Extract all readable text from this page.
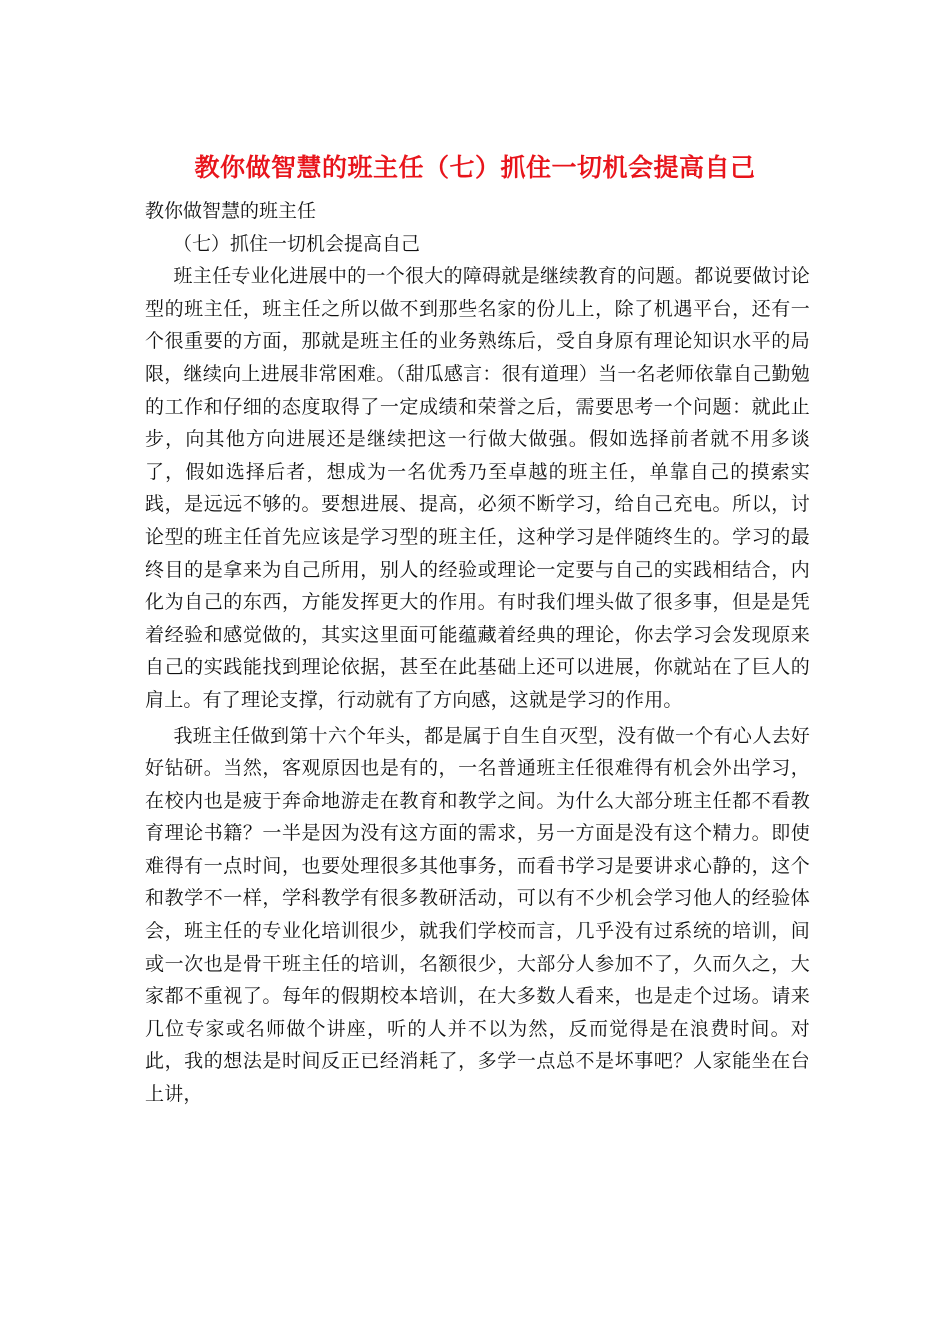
教你做智慧的班主任（七）抓住一切机会提高自己

教你做智慧的班主任

（七）抓住一切机会提高自己

班主任专业化进展中的一个很大的障碍就是继续教育的问题。都说要做讨论型的班主任，班主任之所以做不到那些名家的份儿上，除了机遇平台，还有一个很重要的方面，那就是班主任的业务熟练后，受自身原有理论知识水平的局限，继续向上进展非常困难。（甜瓜感言：很有道理）当一名老师依靠自己勤勉的工作和仔细的态度取得了一定成绩和荣誉之后，需要思考一个问题：就此止步，向其他方向进展还是继续把这一行做大做强。假如选择前者就不用多谈了，假如选择后者，想成为一名优秀乃至卓越的班主任，单靠自己的摸索实践，是远远不够的。要想进展、提高，必须不断学习，给自己充电。所以，讨论型的班主任首先应该是学习型的班主任，这种学习是伴随终生的。学习的最终目的是拿来为自己所用，别人的经验或理论一定要与自己的实践相结合，内化为自己的东西，方能发挥更大的作用。有时我们埋头做了很多事，但是是凭着经验和感觉做的，其实这里面可能蕴藏着经典的理论，你去学习会发现原来自己的实践能找到理论依据，甚至在此基础上还可以进展，你就站在了巨人的肩上。有了理论支撑，行动就有了方向感，这就是学习的作用。

我班主任做到第十六个年头，都是属于自生自灭型，没有做一个有心人去好好钻研。当然，客观原因也是有的，一名普通班主任很难得有机会外出学习，在校内也是疲于奔命地游走在教育和教学之间。为什么大部分班主任都不看教育理论书籍？一半是因为没有这方面的需求，另一方面是没有这个精力。即使难得有一点时间，也要处理很多其他事务，而看书学习是要讲求心静的，这个和教学不一样，学科教学有很多教研活动，可以有不少机会学习他人的经验体会，班主任的专业化培训很少，就我们学校而言，几乎没有过系统的培训，间或一次也是骨干班主任的培训，名额很少，大部分人参加不了，久而久之，大家都不重视了。每年的假期校本培训，在大多数人看来，也是走个过场。请来几位专家或名师做个讲座，听的人并不以为然，反而觉得是在浪费时间。对此，我的想法是时间反正已经消耗了，多学一点总不是坏事吧？人家能坐在台上讲，
